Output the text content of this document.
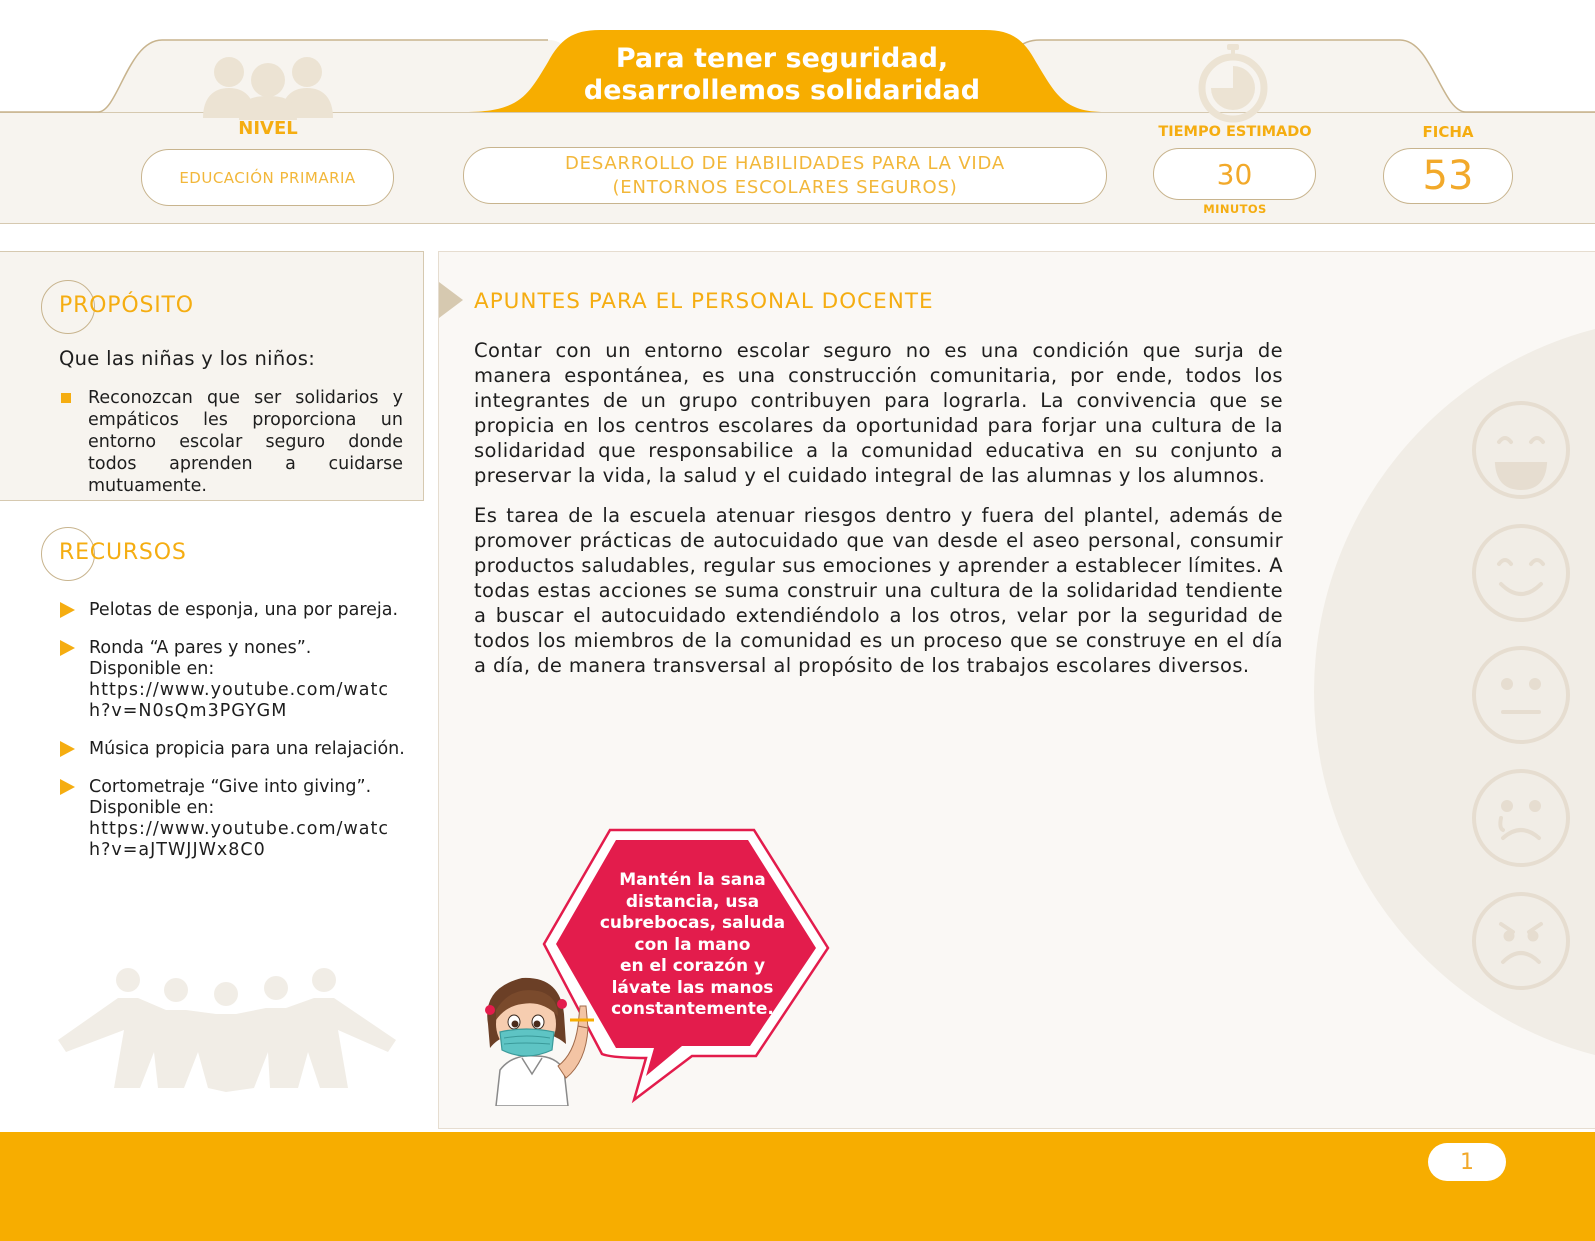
Para tener seguridad,
desarrollemos solidaridad
NIVEL
EDUCACIÓN PRIMARIA
DESARROLLO DE HABILIDADES PARA LA VIDA
(ENTORNOS ESCOLARES SEGUROS)
TIEMPO ESTIMADO
30
MINUTOS
FICHA
53
PROPÓSITO
Que las niñas y los niños:
Reconozcan que ser solidarios y empáticos les proporciona un entorno escolar seguro donde todos aprenden a cuidarse mutuamente.
RECURSOS
Pelotas de esponja, una por pareja.
Ronda “A pares y nones”.
Disponible en:
https://www.youtube.com/watch?v=N0sQm3PGYGM
Música propicia para una relajación.
Cortometraje “Give into giving”.
Disponible en:
https://www.youtube.com/watch?v=aJTWJJWx8C0
APUNTES PARA EL PERSONAL DOCENTE

Contar con un entorno escolar seguro no es una condición que surja de manera espontánea, es una construcción comunitaria, por ende, todos los integrantes de un grupo contribuyen para lograrla. La convivencia que se propicia en los centros escolares da oportunidad para forjar una cultura de la solidaridad que responsabilice a la comunidad educativa en su conjunto a preservar la vida, la salud y el cuidado integral de las alumnas y los alumnos.

Es tarea de la escuela atenuar riesgos dentro y fuera del plantel, además de promover prácticas de autocuidado que van desde el aseo personal, consumir productos saludables, regular sus emociones y aprender a establecer límites. A todas estas acciones se suma construir una cultura de la solidaridad tendiente a buscar el autocuidado extendiéndolo a los otros, velar por la seguridad de todos los miembros de la comunidad es un proceso que se construye en el día a día, de manera transversal al propósito de los trabajos escolares diversos.

Mantén la sana
distancia, usa
cubrebocas, saluda
con la mano
en el corazón y
lávate las manos
constantemente.
1
